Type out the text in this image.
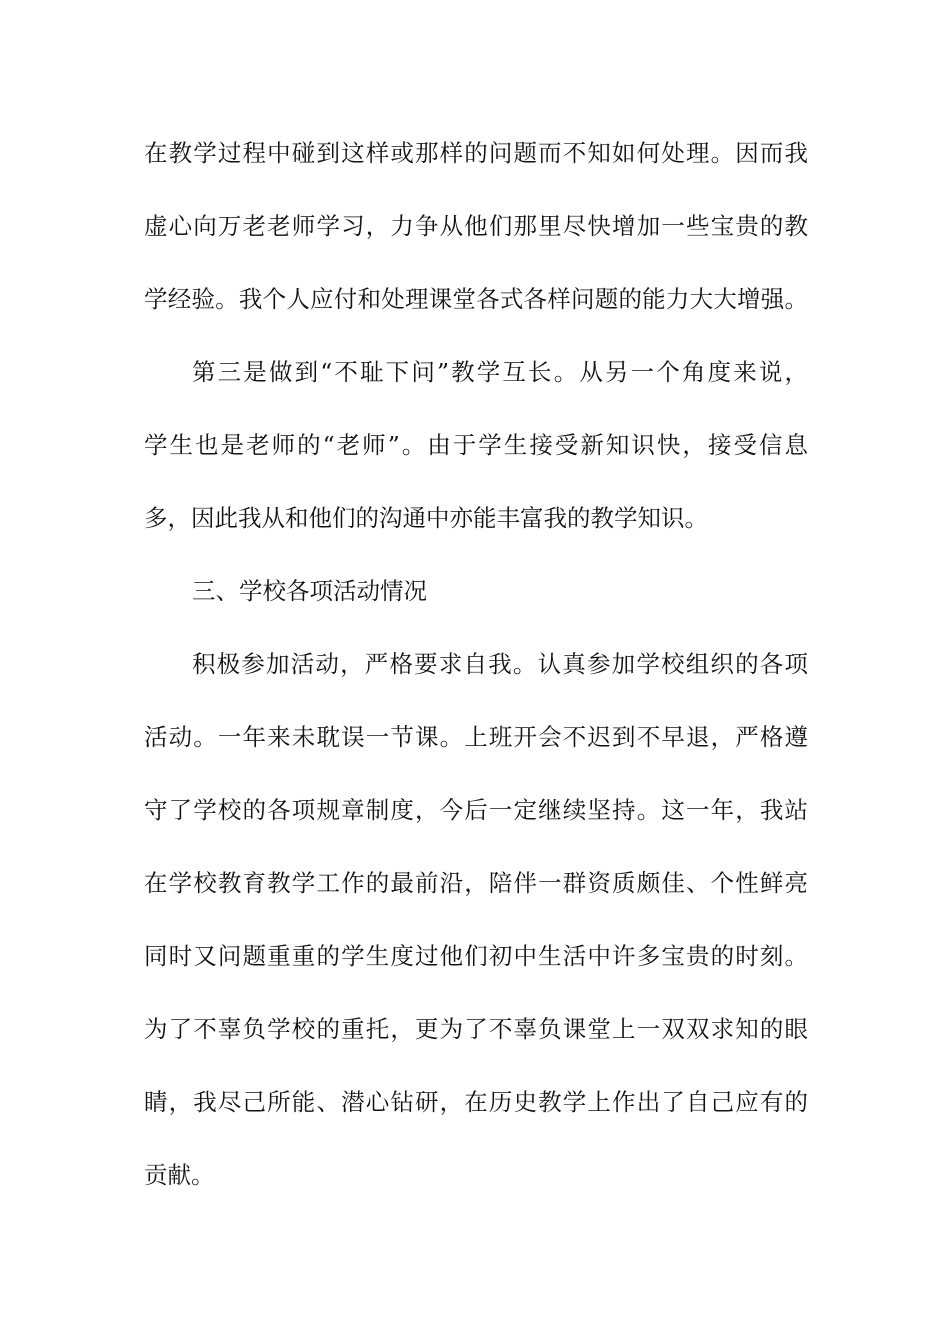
在教学过程中碰到这样或那样的问题而不知如何处理。因而我
虚心向万老老师学习，力争从他们那里尽快增加一些宝贵的教
学经验。我个人应付和处理课堂各式各样问题的能力大大增强。
第三是做到“不耻下问”教学互长。从另一个角度来说，
学生也是老师的“老师”。由于学生接受新知识快，接受信息
多，因此我从和他们的沟通中亦能丰富我的教学知识。
三、学校各项活动情况
积极参加活动，严格要求自我。认真参加学校组织的各项
活动。一年来未耽误一节课。上班开会不迟到不早退，严格遵
守了学校的各项规章制度，今后一定继续坚持。这一年，我站
在学校教育教学工作的最前沿，陪伴一群资质颇佳、个性鲜亮
同时又问题重重的学生度过他们初中生活中许多宝贵的时刻。
为了不辜负学校的重托，更为了不辜负课堂上一双双求知的眼
睛，我尽己所能、潜心钻研，在历史教学上作出了自己应有的
贡献。
